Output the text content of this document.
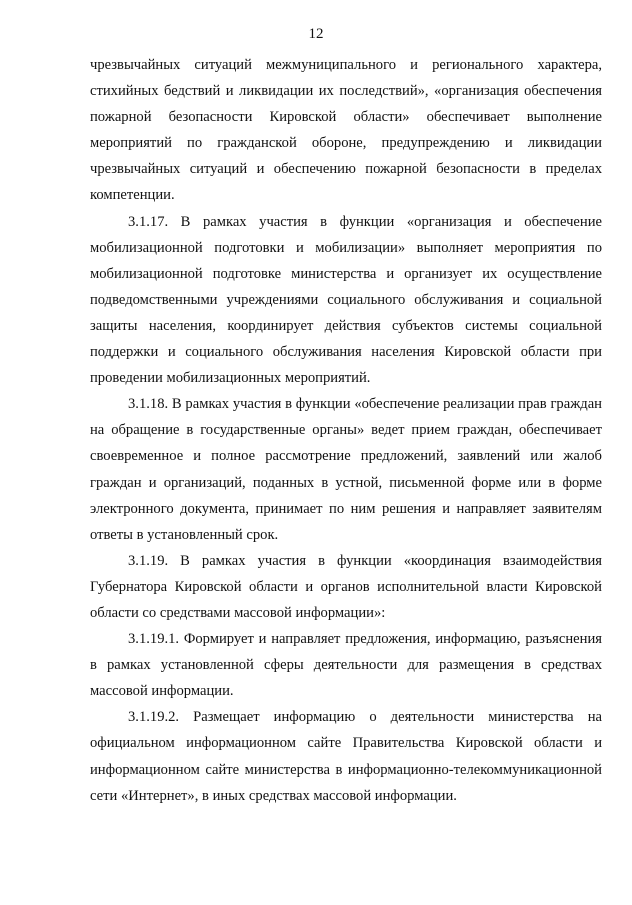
12

чрезвычайных ситуаций межмуниципального и регионального характера, стихийных бедствий и ликвидации их последствий», «организация обеспечения пожарной безопасности Кировской области» обеспечивает выполнение мероприятий по гражданской обороне, предупреждению и ликвидации чрезвычайных ситуаций и обеспечению пожарной безопасности в пределах компетенции.

3.1.17. В рамках участия в функции «организация и обеспечение мобилизационной подготовки и мобилизации» выполняет мероприятия по мобилизационной подготовке министерства и организует их осуществление подведомственными учреждениями социального обслуживания и социальной защиты населения, координирует действия субъектов системы социальной поддержки и социального обслуживания населения Кировской области при проведении мобилизационных мероприятий.

3.1.18. В рамках участия в функции «обеспечение реализации прав граждан на обращение в государственные органы» ведет прием граждан, обеспечивает своевременное и полное рассмотрение предложений, заявлений или жалоб граждан и организаций, поданных в устной, письменной форме или в форме электронного документа, принимает по ним решения и направляет заявителям ответы в установленный срок.

3.1.19. В рамках участия в функции «координация взаимодействия Губернатора Кировской области и органов исполнительной власти Кировской области со средствами массовой информации»:

3.1.19.1. Формирует и направляет предложения, информацию, разъяснения в рамках установленной сферы деятельности для размещения в средствах массовой информации.

3.1.19.2. Размещает информацию о деятельности министерства на официальном информационном сайте Правительства Кировской области и информационном сайте министерства в информационно-телекоммуникационной сети «Интернет», в иных средствах массовой информации.
